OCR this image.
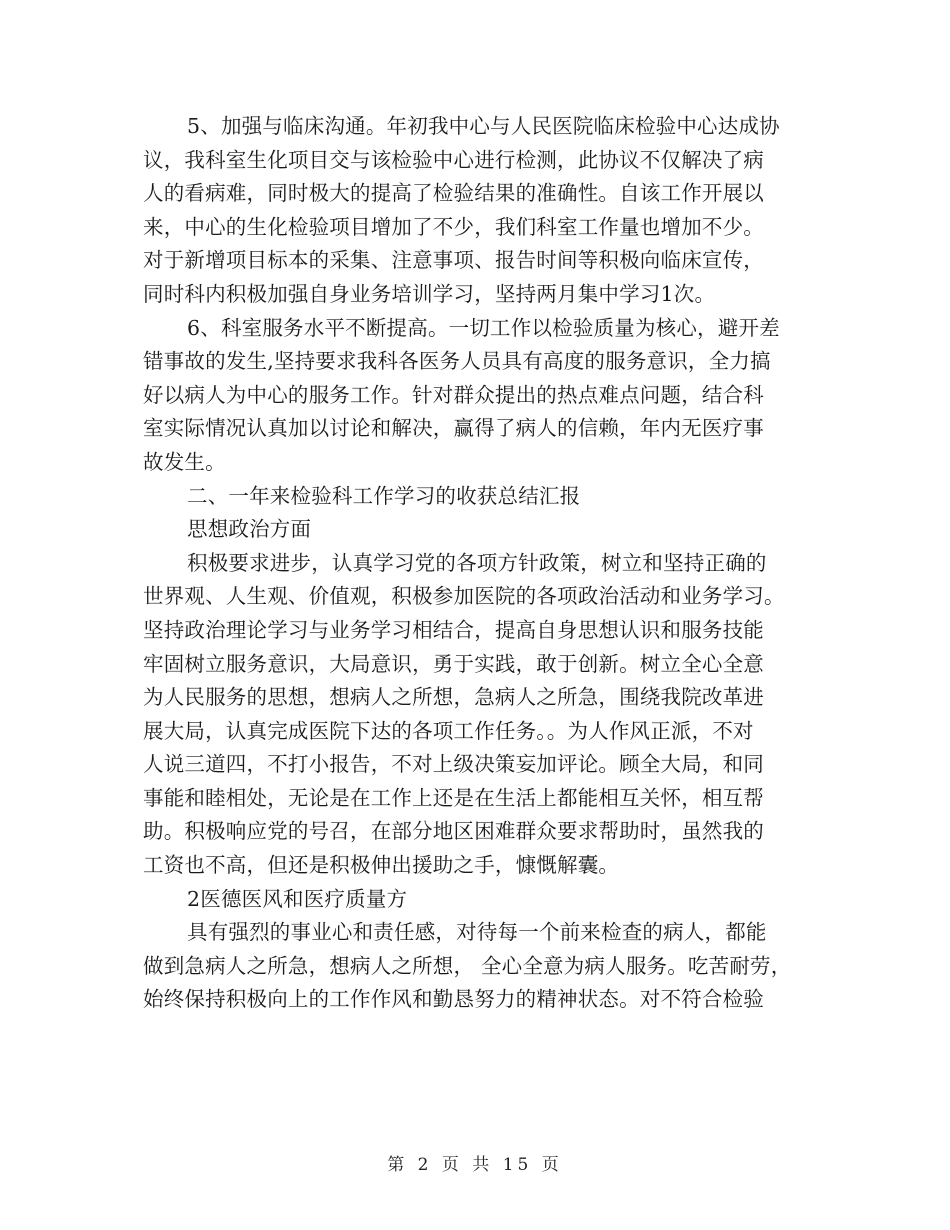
5、加强与临床沟通。年初我中心与人民医院临床检验中心达成协
议，我科室生化项目交与该检验中心进行检测，此协议不仅解决了病
人的看病难，同时极大的提高了检验结果的准确性。自该工作开展以
来，中心的生化检验项目增加了不少，我们科室工作量也增加不少。
对于新增项目标本的采集、注意事项、报告时间等积极向临床宣传，
同时科内积极加强自身业务培训学习，坚持两月集中学习1次。
6、科室服务水平不断提高。一切工作以检验质量为核心，避开差
错事故的发生,坚持要求我科各医务人员具有高度的服务意识，全力搞
好以病人为中心的服务工作。针对群众提出的热点难点问题，结合科
室实际情况认真加以讨论和解决，赢得了病人的信赖，年内无医疗事
故发生。
二、一年来检验科工作学习的收获总结汇报
思想政治方面
积极要求进步，认真学习党的各项方针政策，树立和坚持正确的
世界观、人生观、价值观，积极参加医院的各项政治活动和业务学习。
坚持政治理论学习与业务学习相结合，提高自身思想认识和服务技能
牢固树立服务意识，大局意识，勇于实践，敢于创新。树立全心全意
为人民服务的思想，想病人之所想，急病人之所急，围绕我院改革进
展大局，认真完成医院下达的各项工作任务。。为人作风正派，不对
人说三道四，不打小报告，不对上级决策妄加评论。顾全大局，和同
事能和睦相处，无论是在工作上还是在生活上都能相互关怀，相互帮
助。积极响应党的号召，在部分地区困难群众要求帮助时，虽然我的
工资也不高，但还是积极伸出援助之手，慷慨解囊。
2医德医风和医疗质量方
具有强烈的事业心和责任感，对待每一个前来检查的病人，都能
做到急病人之所急，想病人之所想， 全心全意为病人服务。吃苦耐劳，
始终保持积极向上的工作作风和勤恳努力的精神状态。对不符合检验
第 2 页 共 15 页
